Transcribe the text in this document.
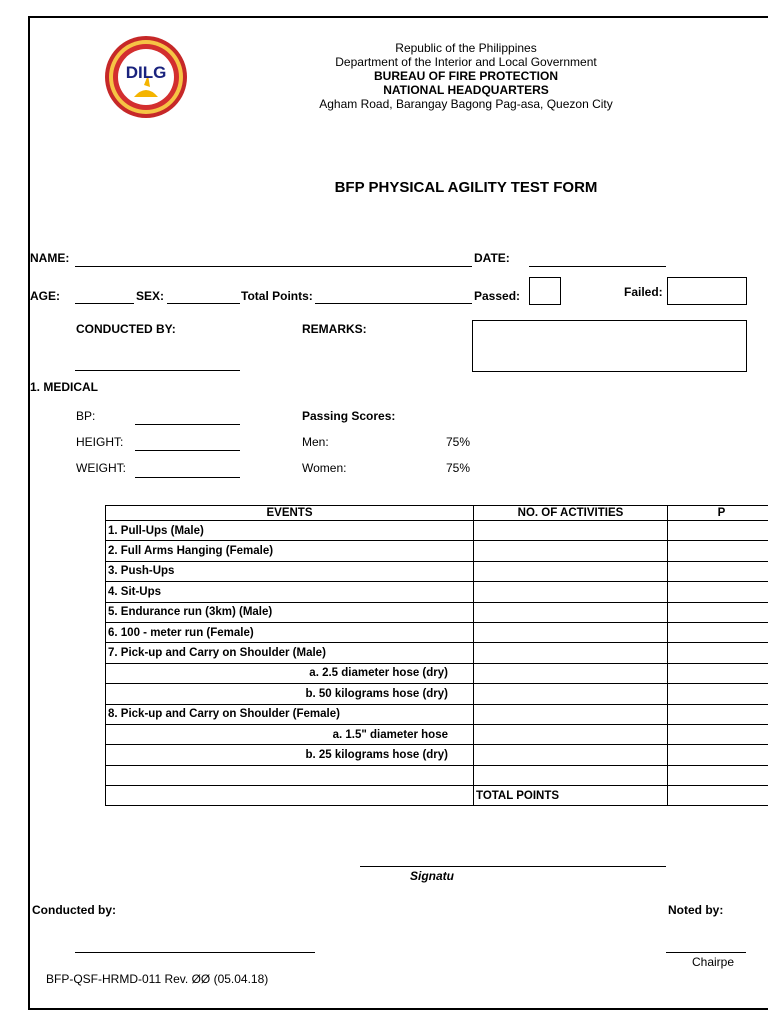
DILG
Republic of the Philippines
Department of the Interior and Local Government
BUREAU OF FIRE PROTECTION
NATIONAL HEADQUARTERS
Agham Road, Barangay Bagong Pag-asa, Quezon City
BFP PHYSICAL AGILITY TEST FORM
NAME:	DATE:
AGE:	SEX:	Total Points:	Passed:	Failed:
CONDUCTED BY:	REMARKS:
1. MEDICAL
BP:
HEIGHT:
WEIGHT:
Passing Scores:
Men:	75%
Women:	75%
EVENTS	NO. OF ACTIVITIES	P
1. Pull-Ups (Male)		
2. Full Arms Hanging (Female)		
3. Push-Ups		
4. Sit-Ups		
5. Endurance run (3km) (Male)		
6. 100 - meter run (Female)		
7. Pick-up and Carry on Shoulder (Male)		
a. 2.5 diameter hose (dry)		
b. 50 kilograms hose (dry)		
8. Pick-up and Carry on Shoulder (Female)		
a. 1.5" diameter hose		
b. 25 kilograms hose (dry)		

	TOTAL POINTS	
Signatu
Conducted by:	Noted by:
Chairpe
BFP-QSF-HRMD-011 Rev. ØØ (05.04.18)
